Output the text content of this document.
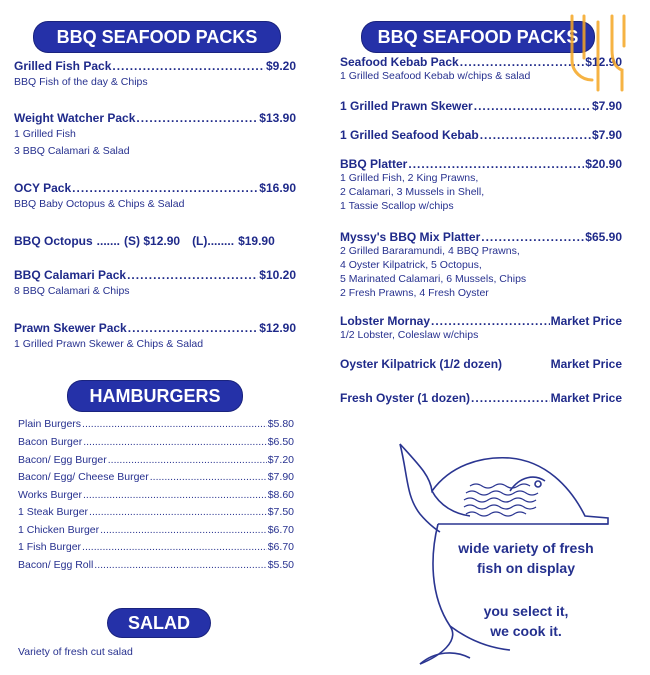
BBQ SEAFOOD PACKS
Grilled Fish Pack .....	$9.20
BBQ Fish of the day & Chips
Weight Watcher Pack .....	$13.90
1 Grilled Fish
3 BBQ Calamari & Salad
OCY Pack .....	$16.90
BBQ Baby Octopus & Chips & Salad
BBQ Octopus ....... (S) $12.90 (L)........ $19.90
BBQ Calamari Pack .....	$10.20
8 BBQ Calamari & Chips
Prawn Skewer Pack .....	$12.90
1 Grilled Prawn Skewer & Chips & Salad
HAMBURGERS
Plain Burgers .....	$5.80
Bacon Burger .....	$6.50
Bacon/ Egg Burger .....	$7.20
Bacon/ Egg/ Cheese Burger .....	$7.90
Works Burger .....	$8.60
1 Steak Burger .....	$7.50
1 Chicken Burger .....	$6.70
1 Fish Burger .....	$6.70
Bacon/ Egg Roll .....	$5.50
SALAD
Variety of fresh cut salad
BBQ SEAFOOD PACKS
Seafood Kebab Pack .....	$12.90
1 Grilled Seafood Kebab w/chips & salad
1 Grilled Prawn Skewer .....	$7.90
1 Grilled Seafood Kebab .....	$7.90
BBQ Platter .....	$20.90
1 Grilled Fish, 2 King Prawns,
2 Calamari, 3 Mussels in Shell,
1 Tassie Scallop w/chips
Myssy's BBQ Mix Platter .....	$65.90
2 Grilled Bararamundi, 4 BBQ Prawns,
4 Oyster Kilpatrick, 5 Octopus,
5 Marinated Calamari, 6 Mussels, Chips
2 Fresh Prawns, 4 Fresh Oyster
Lobster Mornay .....	Market Price
1/2 Lobster, Coleslaw w/chips
Oyster Kilpatrick (1/2 dozen)	Market Price
Fresh Oyster (1 dozen) .....	Market Price
wide variety of fresh
fish on display
you select it,
we cook it.
